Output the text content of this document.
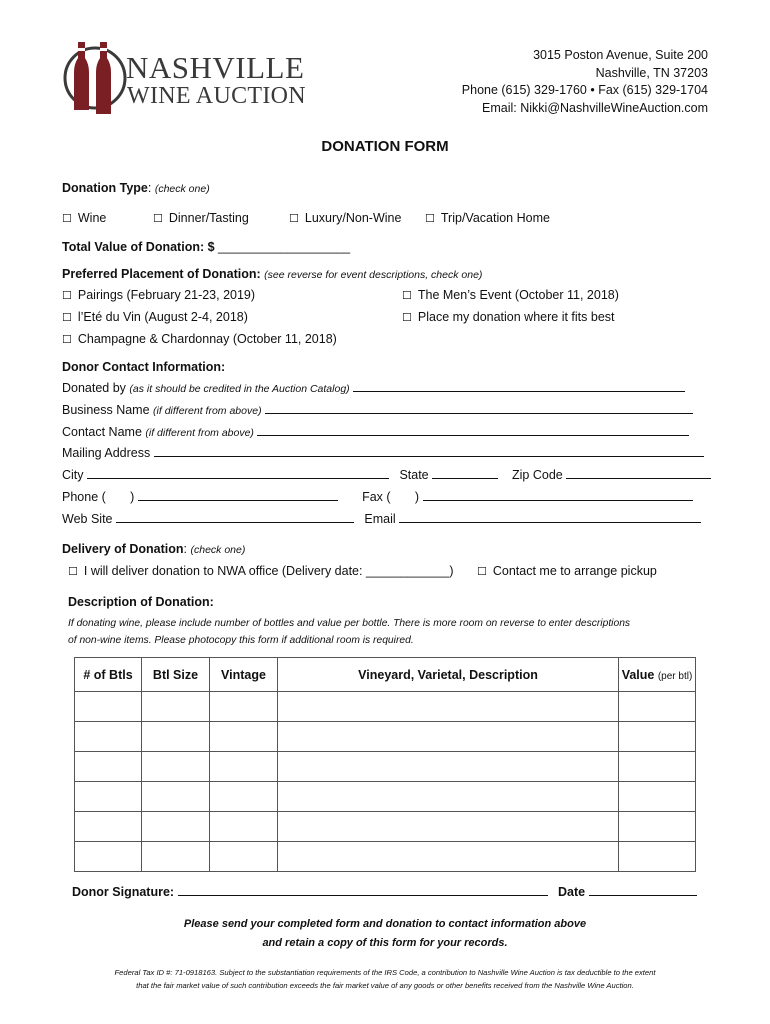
NASHVILLE
WINE AUCTION
3015 Poston Avenue, Suite 200
Nashville, TN 37203
Phone (615) 329-1760 • Fax (615) 329-1704
Email: Nikki@NashvilleWineAuction.com
DONATION FORM
Donation Type: (check one)
☐ Wine	☐ Dinner/Tasting	☐ Luxury/Non-Wine ☐ Trip/Vacation Home
Total Value of Donation: $ ___________________
Preferred Placement of Donation: (see reverse for event descriptions, check one)
☐ Pairings (February 21-23, 2019)	☐ The Men’s Event (October 11, 2018)
☐ l’Eté du Vin (August 2-4, 2018)	☐ Place my donation where it fits best
☐ Champagne & Chardonnay (October 11, 2018)
Donor Contact Information:
Donated by (as it should be credited in the Auction Catalog)
Business Name (if different from above)
Contact Name (if different from above)
Mailing Address
City	State	Zip Code
Phone ( )	Fax ( )
Web Site	Email
Delivery of Donation: (check one)
☐ I will deliver donation to NWA office (Delivery date: ____________) ☐ Contact me to arrange pickup
Description of Donation:
If donating wine, please include number of bottles and value per bottle. There is more room on reverse to enter descriptions
of non-wine items. Please photocopy this form if additional room is required.
# of Btls	Btl Size	Vintage	Vineyard, Varietal, Description	Value (per btl)

Donor Signature:	Date
Please send your completed form and donation to contact information above
and retain a copy of this form for your records.
Federal Tax ID #: 71-0918163. Subject to the substantiation requirements of the IRS Code, a contribution to Nashville Wine Auction is tax deductible to the extent
that the fair market value of such contribution exceeds the fair market value of any goods or other benefits received from the Nashville Wine Auction.
